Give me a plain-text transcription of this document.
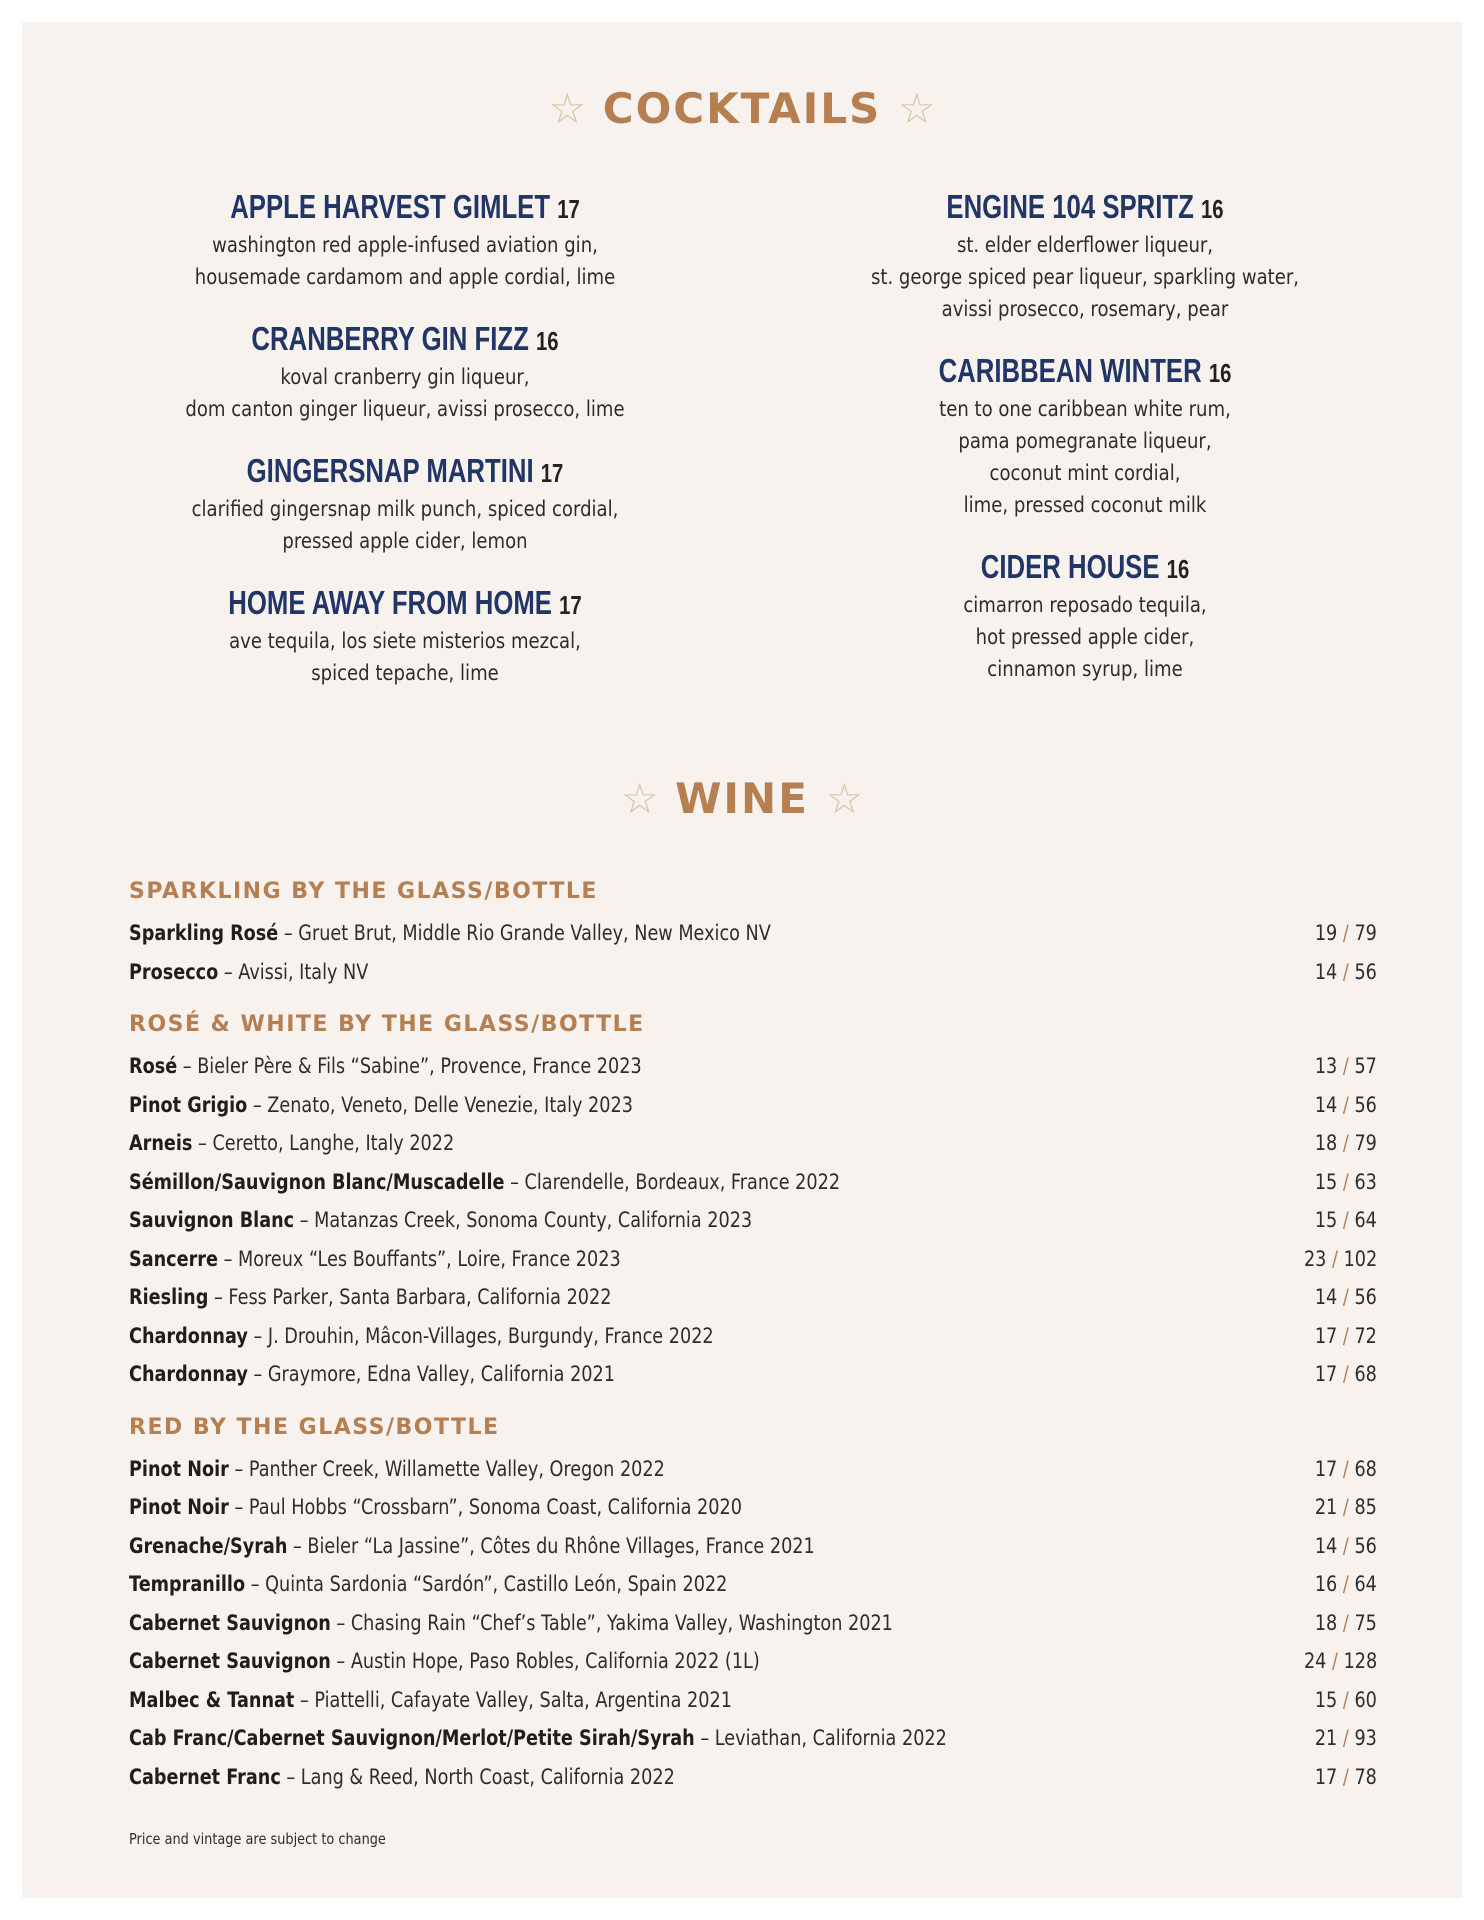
☆ COCKTAILS ☆
APPLE HARVEST GIMLET 17
washington red apple-infused aviation gin,
housemade cardamom and apple cordial, lime
CRANBERRY GIN FIZZ 16
koval cranberry gin liqueur,
dom canton ginger liqueur, avissi prosecco, lime
GINGERSNAP MARTINI 17
clarified gingersnap milk punch, spiced cordial,
pressed apple cider, lemon
HOME AWAY FROM HOME 17
ave tequila, los siete misterios mezcal,
spiced tepache, lime
ENGINE 104 SPRITZ 16
st. elder elderflower liqueur,
st. george spiced pear liqueur, sparkling water,
avissi prosecco, rosemary, pear
CARIBBEAN WINTER 16
ten to one caribbean white rum,
pama pomegranate liqueur,
coconut mint cordial,
lime, pressed coconut milk
CIDER HOUSE 16
cimarron reposado tequila,
hot pressed apple cider,
cinnamon syrup, lime
☆ WINE ☆
SPARKLING BY THE GLASS/BOTTLE
Sparkling Rosé – Gruet Brut, Middle Rio Grande Valley, New Mexico NV	19 / 79
Prosecco – Avissi, Italy NV	14 / 56
ROSÉ & WHITE BY THE GLASS/BOTTLE
Rosé – Bieler Père & Fils “Sabine”, Provence, France 2023	13 / 57
Pinot Grigio – Zenato, Veneto, Delle Venezie, Italy 2023	14 / 56
Arneis – Ceretto, Langhe, Italy 2022	18 / 79
Sémillon/Sauvignon Blanc/Muscadelle – Clarendelle, Bordeaux, France 2022	15 / 63
Sauvignon Blanc – Matanzas Creek, Sonoma County, California 2023	15 / 64
Sancerre – Moreux “Les Bouffants”, Loire, France 2023	23 / 102
Riesling – Fess Parker, Santa Barbara, California 2022	14 / 56
Chardonnay – J. Drouhin, Mâcon-Villages, Burgundy, France 2022	17 / 72
Chardonnay – Graymore, Edna Valley, California 2021	17 / 68
RED BY THE GLASS/BOTTLE
Pinot Noir – Panther Creek, Willamette Valley, Oregon 2022	17 / 68
Pinot Noir – Paul Hobbs “Crossbarn”, Sonoma Coast, California 2020	21 / 85
Grenache/Syrah – Bieler “La Jassine”, Côtes du Rhône Villages, France 2021	14 / 56
Tempranillo – Quinta Sardonia “Sardón”, Castillo León, Spain 2022	16 / 64
Cabernet Sauvignon – Chasing Rain “Chef’s Table”, Yakima Valley, Washington 2021	18 / 75
Cabernet Sauvignon – Austin Hope, Paso Robles, California 2022 (1L)	24 / 128
Malbec & Tannat – Piattelli, Cafayate Valley, Salta, Argentina 2021	15 / 60
Cab Franc/Cabernet Sauvignon/Merlot/Petite Sirah/Syrah – Leviathan, California 2022	21 / 93
Cabernet Franc – Lang & Reed, North Coast, California 2022	17 / 78
Price and vintage are subject to change
